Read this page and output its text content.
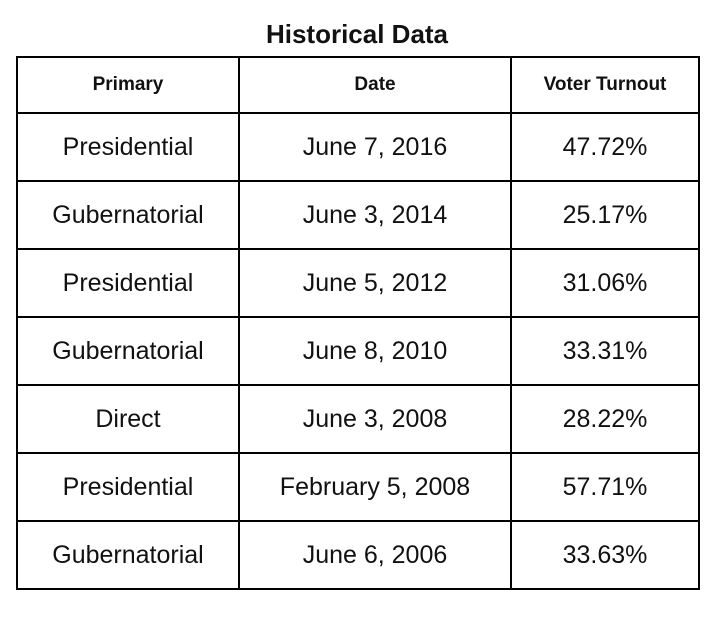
Historical Data
Primary	Date	Voter Turnout
Presidential	June 7, 2016	47.72%
Gubernatorial	June 3, 2014	25.17%
Presidential	June 5, 2012	31.06%
Gubernatorial	June 8, 2010	33.31%
Direct	June 3, 2008	28.22%
Presidential	February 5, 2008	57.71%
Gubernatorial	June 6, 2006	33.63%
